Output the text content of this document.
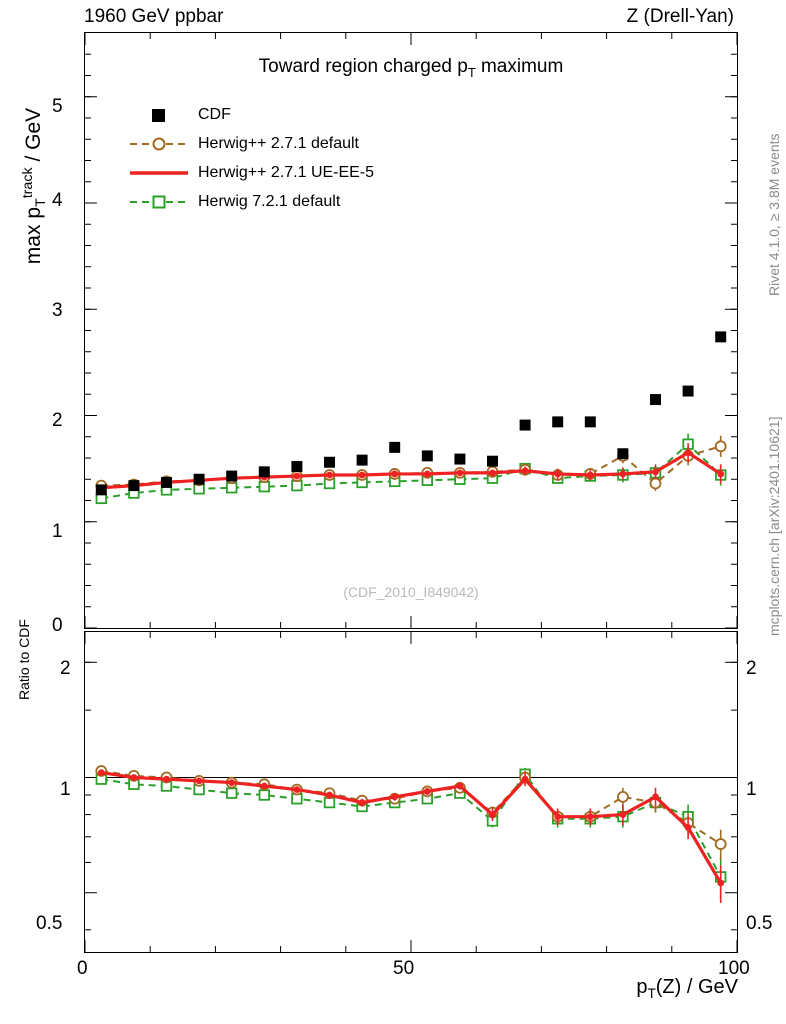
1960 GeV ppbar	Z (Drell-Yan)
Rivet 4.1.0, ≥ 3.8M events
mcplots.cern.ch [arXiv:2401.10621]
$\max p_T^{track}$ / GeV
0
1
2
3
4
5
Toward region charged $p_T$ maximum
(CDF_2010_I849042)
CDF
Herwig++ 2.7.1 default
Herwig++ 2.7.1 UE-EE-5
Herwig 7.2.1 default
Ratio to CDF
0.5
1
2
0.5
1
2
0	50	100
$p_T(Z)$ / GeV
